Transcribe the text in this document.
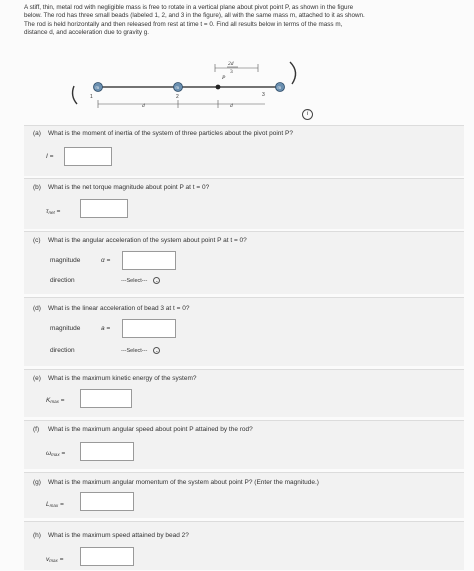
A stiff, thin, metal rod with negligible mass is free to rotate in a vertical plane about pivot point P, as shown in the figure
below. The rod has three small beads (labeled 1, 2, and 3 in the figure), all with the same mass m, attached to it as shown.
The rod is held horizontally and then released from rest at time t = 0. Find all results below in terms of the mass m,
distance d, and acceleration due to gravity g.
m	m	m
1	2	3
P
d	d
2d
3
i
(a) What is the moment of inertia of the system of three particles about the pivot point P?
I =
(b) What is the net torque magnitude about point P at t = 0?
$\tau_{net}$ =
(c) What is the angular acceleration of the system about point P at t = 0?
magnitude	α =
direction	---Select--- ⌄
(d) What is the linear acceleration of bead 3 at t = 0?
magnitude	a =
direction	---Select--- ⌄
(e) What is the maximum kinetic energy of the system?
$K_{max}$ =
(f) What is the maximum angular speed about point P attained by the rod?
$\omega_{max}$ =
(g) What is the maximum angular momentum of the system about point P? (Enter the magnitude.)
$L_{max}$ =
(h) What is the maximum speed attained by bead 2?
$v_{max}$ =
